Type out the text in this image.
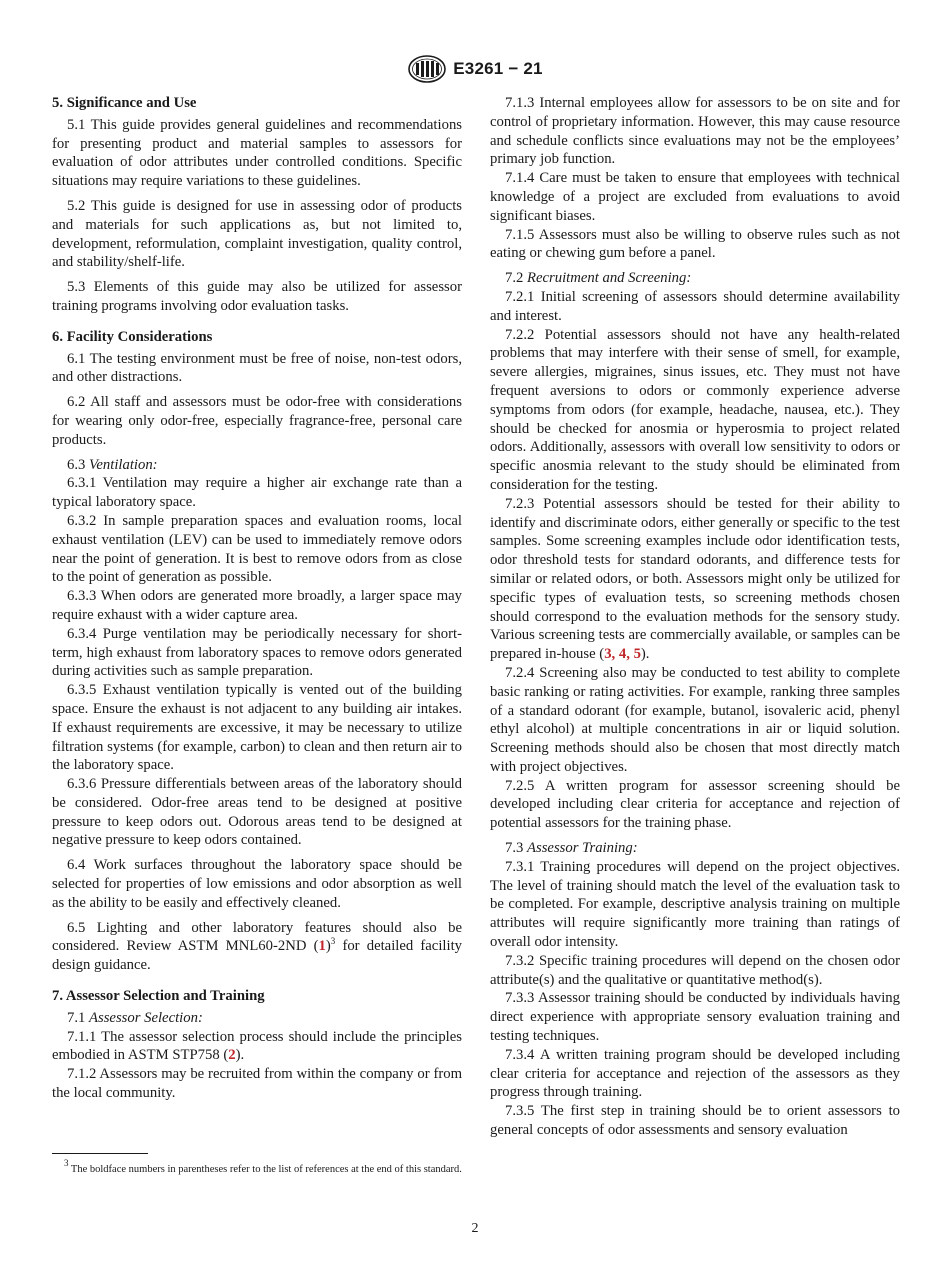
E3261 − 21
5. Significance and Use

5.1 This guide provides general guidelines and recommendations for presenting product and material samples to assessors for evaluation of odor attributes under controlled conditions. Specific situations may require variations to these guidelines.

5.2 This guide is designed for use in assessing odor of products and materials for such applications as, but not limited to, development, reformulation, complaint investigation, quality control, and stability/shelf-life.

5.3 Elements of this guide may also be utilized for assessor training programs involving odor evaluation tasks.

6. Facility Considerations

6.1 The testing environment must be free of noise, non-test odors, and other distractions.

6.2 All staff and assessors must be odor-free with considerations for wearing only odor-free, especially fragrance-free, personal care products.

6.3 Ventilation:

6.3.1 Ventilation may require a higher air exchange rate than a typical laboratory space.

6.3.2 In sample preparation spaces and evaluation rooms, local exhaust ventilation (LEV) can be used to immediately remove odors near the point of generation. It is best to remove odors from as close to the point of generation as possible.

6.3.3 When odors are generated more broadly, a larger space may require exhaust with a wider capture area.

6.3.4 Purge ventilation may be periodically necessary for short-term, high exhaust from laboratory spaces to remove odors generated during activities such as sample preparation.

6.3.5 Exhaust ventilation typically is vented out of the building space. Ensure the exhaust is not adjacent to any building air intakes. If exhaust requirements are excessive, it may be necessary to utilize filtration systems (for example, carbon) to clean and then return air to the laboratory space.

6.3.6 Pressure differentials between areas of the laboratory should be considered. Odor-free areas tend to be designed at positive pressure to keep odors out. Odorous areas tend to be designed at negative pressure to keep odors contained.

6.4 Work surfaces throughout the laboratory space should be selected for properties of low emissions and odor absorption as well as the ability to be easily and effectively cleaned.

6.5 Lighting and other laboratory features should also be considered. Review ASTM MNL60-2ND $(1)^3$ for detailed facility design guidance.

7. Assessor Selection and Training

7.1 Assessor Selection:

7.1.1 The assessor selection process should include the principles embodied in ASTM STP758 (2).

7.1.2 Assessors may be recruited from within the company or from the local community.

7.1.3 Internal employees allow for assessors to be on site and for control of proprietary information. However, this may cause resource and schedule conflicts since evaluations may not be the employees’ primary job function.

7.1.4 Care must be taken to ensure that employees with technical knowledge of a project are excluded from evaluations to avoid significant biases.

7.1.5 Assessors must also be willing to observe rules such as not eating or chewing gum before a panel.

7.2 Recruitment and Screening:

7.2.1 Initial screening of assessors should determine availability and interest.

7.2.2 Potential assessors should not have any health-related problems that may interfere with their sense of smell, for example, severe allergies, migraines, sinus issues, etc. They must not have frequent aversions to odors or commonly experience adverse symptoms from odors (for example, headache, nausea, etc.). They should be checked for anosmia or hyperosmia to project related odors. Additionally, assessors with overall low sensitivity to odors or specific anosmia relevant to the study should be eliminated from consideration for the testing.

7.2.3 Potential assessors should be tested for their ability to identify and discriminate odors, either generally or specific to the test samples. Some screening examples include odor identification tests, odor threshold tests for standard odorants, and difference tests for similar or related odors, or both. Assessors might only be utilized for specific types of evaluation tests, so screening methods chosen should correspond to the evaluation methods for the sensory study. Various screening tests are commercially available, or samples can be prepared in-house (3, 4, 5).

7.2.4 Screening also may be conducted to test ability to complete basic ranking or rating activities. For example, ranking three samples of a standard odorant (for example, butanol, isovaleric acid, phenyl ethyl alcohol) at multiple concentrations in air or liquid solution. Screening methods should also be chosen that most directly match with project objectives.

7.2.5 A written program for assessor screening should be developed including clear criteria for acceptance and rejection of potential assessors for the training phase.

7.3 Assessor Training:

7.3.1 Training procedures will depend on the project objectives. The level of training should match the level of the evaluation task to be completed. For example, descriptive analysis training on multiple attributes will require significantly more training than ratings of overall odor intensity.

7.3.2 Specific training procedures will depend on the chosen odor attribute(s) and the qualitative or quantitative method(s).

7.3.3 Assessor training should be conducted by individuals having direct experience with appropriate sensory evaluation training and testing techniques.

7.3.4 A written training program should be developed including clear criteria for acceptance and rejection of the assessors as they progress through training.

7.3.5 The first step in training should be to orient assessors to general concepts of odor assessments and sensory evaluation

$^3$ The boldface numbers in parentheses refer to the list of references at the end of this standard.
2
